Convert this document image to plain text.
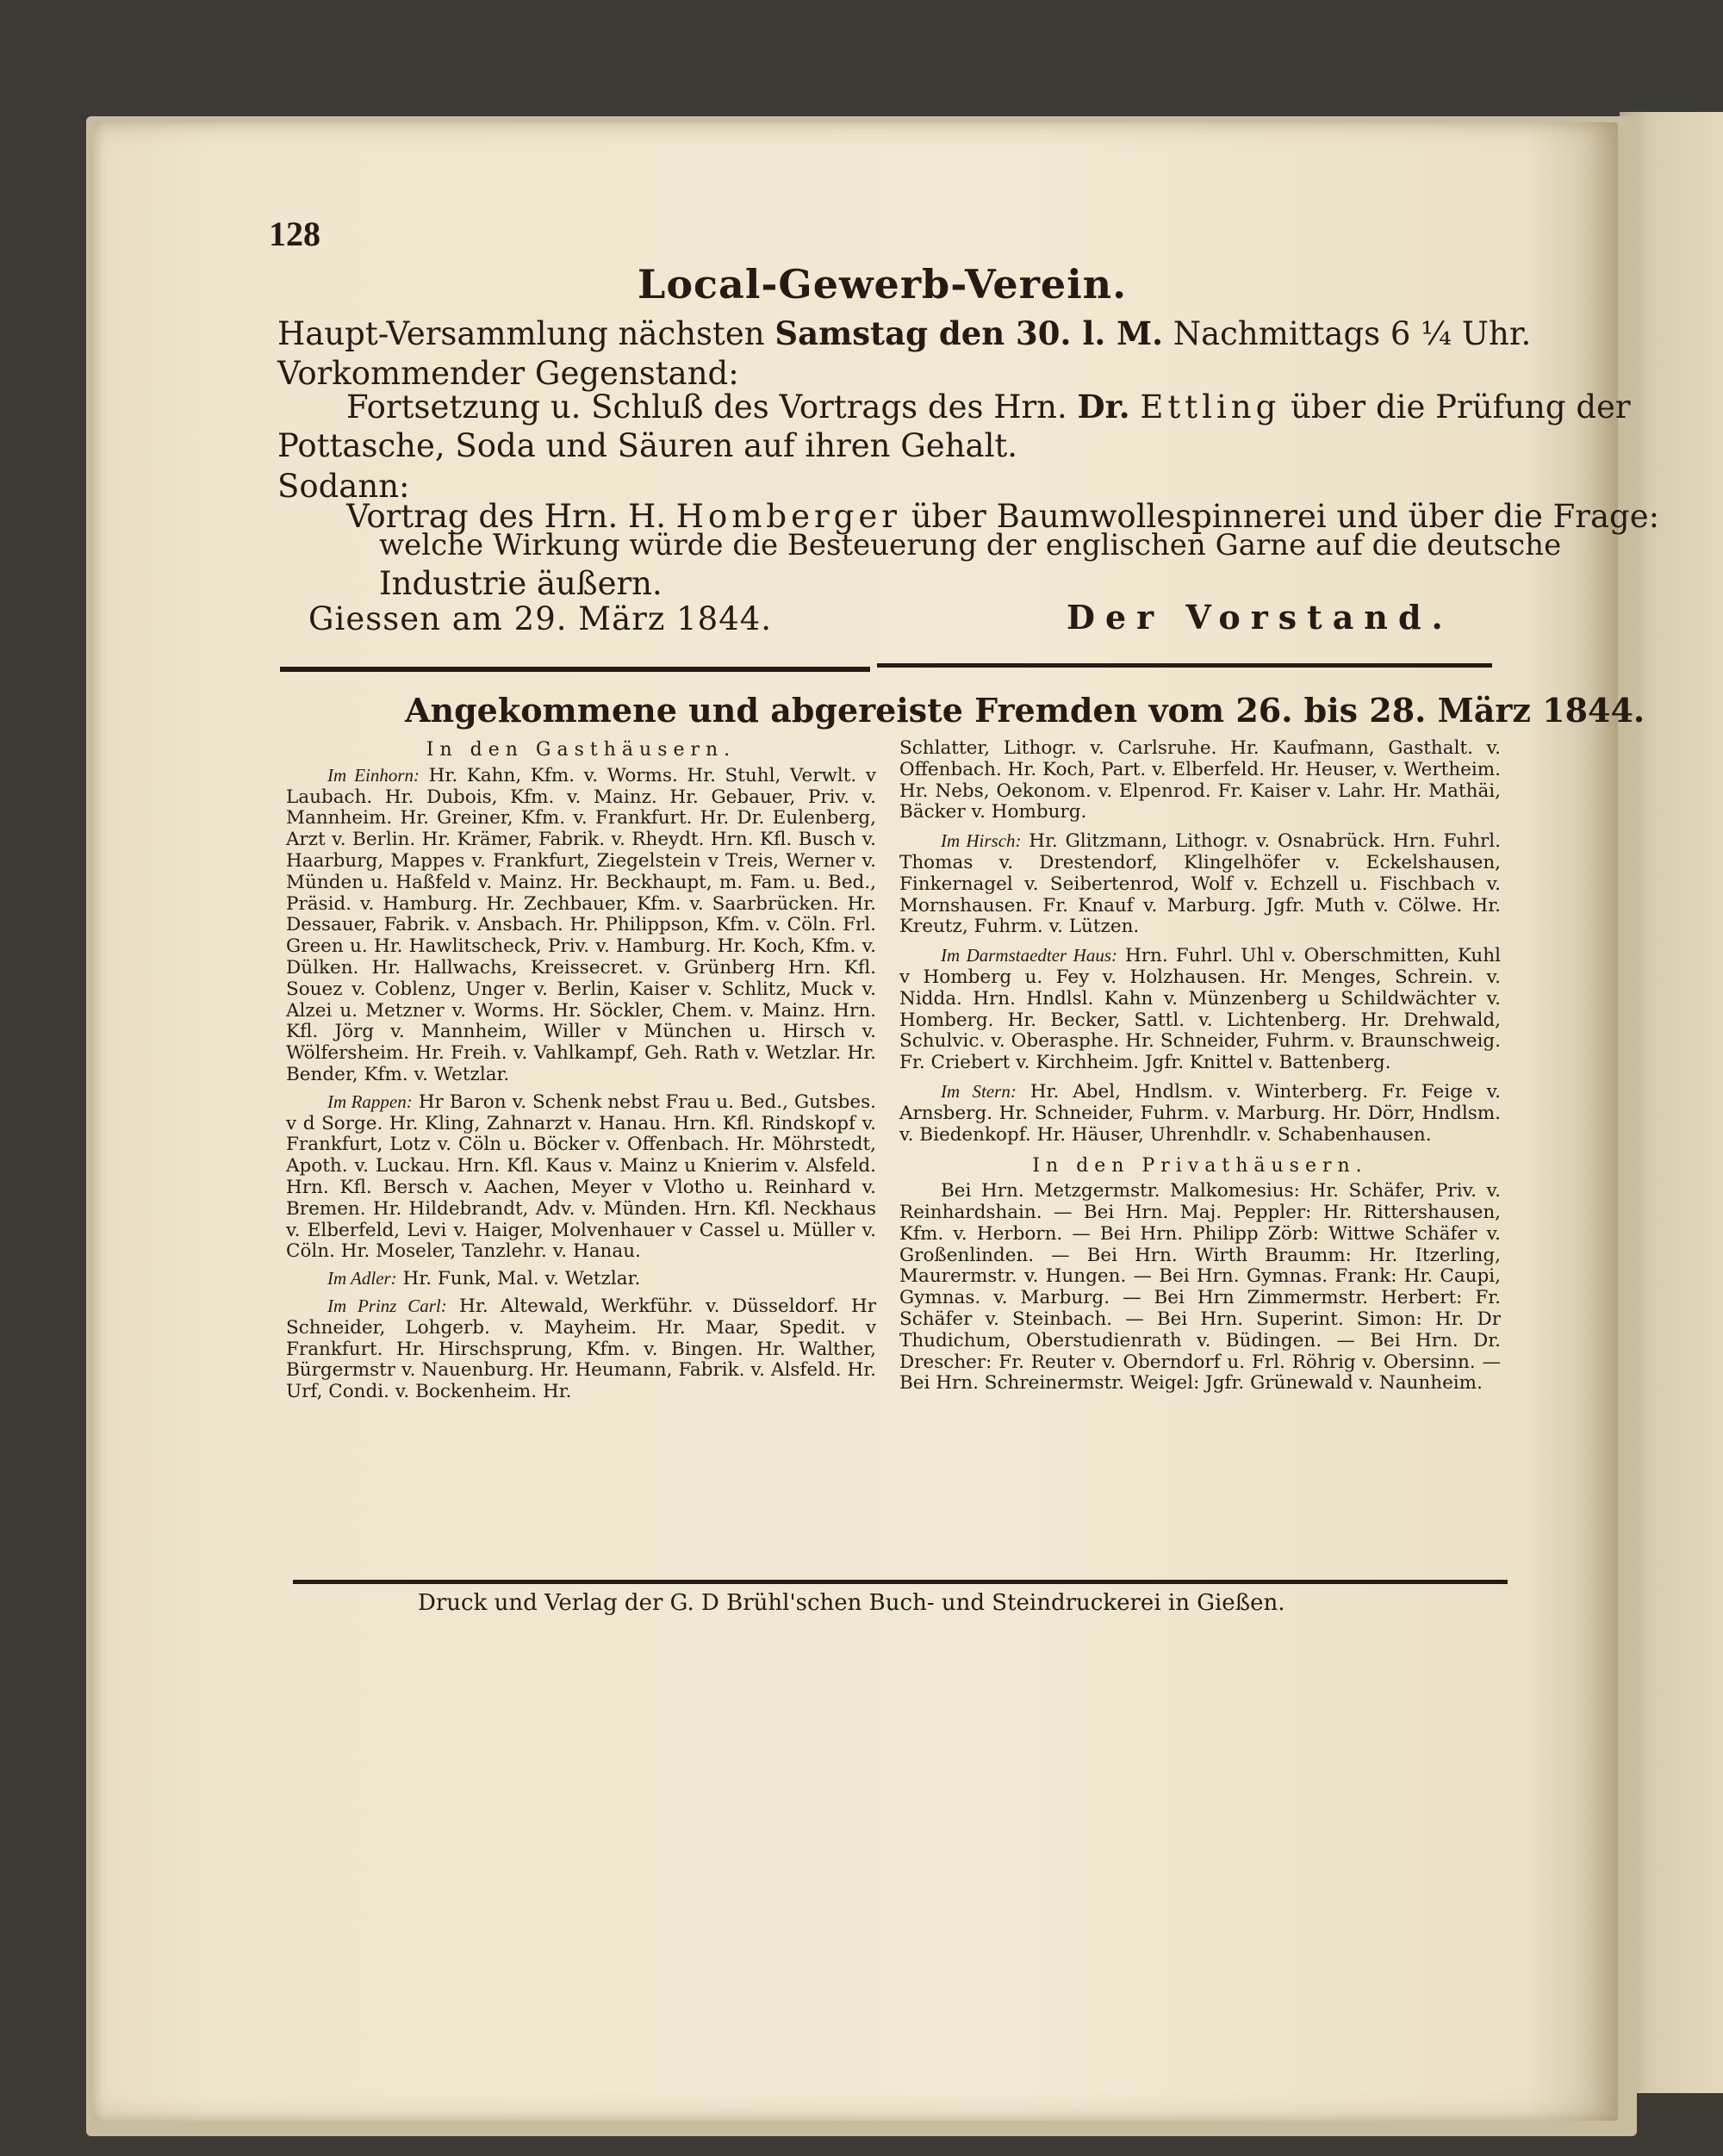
128
Local-Gewerb-Verein.
Haupt-Versammlung nächsten Samstag den 30. l. M. Nachmittags 6 ¼ Uhr.
Vorkommender Gegenstand:
Fortsetzung u. Schluß des Vortrags des Hrn. Dr. Ettling über die Prüfung der
Pottasche, Soda und Säuren auf ihren Gehalt.
Sodann:
Vortrag des Hrn. H. Homberger über Baumwollespinnerei und über die Frage:
welche Wirkung würde die Besteuerung der englischen Garne auf die deutsche
Industrie äußern.
Giessen am 29. März 1844.	Der Vorstand.
Angekommene und abgereiste Fremden vom 26. bis 28. März 1844.

In den Gasthäusern.

Im Einhorn: Hr. Kahn, Kfm. v. Worms. Hr. Stuhl, Verwlt. v Laubach. Hr. Dubois, Kfm. v. Mainz. Hr. Gebauer, Priv. v. Mannheim. Hr. Greiner, Kfm. v. Frankfurt. Hr. Dr. Eulenberg, Arzt v. Berlin. Hr. Krämer, Fabrik. v. Rheydt. Hrn. Kfl. Busch v. Haarburg, Mappes v. Frankfurt, Ziegelstein v Treis, Werner v. Münden u. Haßfeld v. Mainz. Hr. Beckhaupt, m. Fam. u. Bed., Präsid. v. Hamburg. Hr. Zechbauer, Kfm. v. Saarbrücken. Hr. Dessauer, Fabrik. v. Ansbach. Hr. Philippson, Kfm. v. Cöln. Frl. Green u. Hr. Hawlitscheck, Priv. v. Hamburg. Hr. Koch, Kfm. v. Dülken. Hr. Hallwachs, Kreissecret. v. Grünberg Hrn. Kfl. Souez v. Coblenz, Unger v. Berlin, Kaiser v. Schlitz, Muck v. Alzei u. Metzner v. Worms. Hr. Söckler, Chem. v. Mainz. Hrn. Kfl. Jörg v. Mannheim, Willer v München u. Hirsch v. Wölfersheim. Hr. Freih. v. Vahlkampf, Geh. Rath v. Wetzlar. Hr. Bender, Kfm. v. Wetzlar.

Im Rappen: Hr Baron v. Schenk nebst Frau u. Bed., Gutsbes. v d Sorge. Hr. Kling, Zahnarzt v. Hanau. Hrn. Kfl. Rindskopf v. Frankfurt, Lotz v. Cöln u. Böcker v. Offenbach. Hr. Möhrstedt, Apoth. v. Luckau. Hrn. Kfl. Kaus v. Mainz u Knierim v. Alsfeld. Hrn. Kfl. Bersch v. Aachen, Meyer v Vlotho u. Reinhard v. Bremen. Hr. Hildebrandt, Adv. v. Münden. Hrn. Kfl. Neckhaus v. Elberfeld, Levi v. Haiger, Molvenhauer v Cassel u. Müller v. Cöln. Hr. Moseler, Tanzlehr. v. Hanau.

Im Adler: Hr. Funk, Mal. v. Wetzlar.

Im Prinz Carl: Hr. Altewald, Werkführ. v. Düsseldorf. Hr Schneider, Lohgerb. v. Mayheim. Hr. Maar, Spedit. v Frankfurt. Hr. Hirschsprung, Kfm. v. Bingen. Hr. Walther, Bürgermstr v. Nauenburg. Hr. Heumann, Fabrik. v. Alsfeld. Hr. Urf, Condi. v. Bockenheim. Hr.

Schlatter, Lithogr. v. Carlsruhe. Hr. Kaufmann, Gasthalt. v. Offenbach. Hr. Koch, Part. v. Elberfeld. Hr. Heuser, v. Wertheim. Hr. Nebs, Oekonom. v. Elpenrod. Fr. Kaiser v. Lahr. Hr. Mathäi, Bäcker v. Homburg.

Im Hirsch: Hr. Glitzmann, Lithogr. v. Osnabrück. Hrn. Fuhrl. Thomas v. Drestendorf, Klingelhöfer v. Eckelshausen, Finkernagel v. Seibertenrod, Wolf v. Echzell u. Fischbach v. Mornshausen. Fr. Knauf v. Marburg. Jgfr. Muth v. Cölwe. Hr. Kreutz, Fuhrm. v. Lützen.

Im Darmstaedter Haus: Hrn. Fuhrl. Uhl v. Oberschmitten, Kuhl v Homberg u. Fey v. Holzhausen. Hr. Menges, Schrein. v. Nidda. Hrn. Hndlsl. Kahn v. Münzenberg u Schildwächter v. Homberg. Hr. Becker, Sattl. v. Lichtenberg. Hr. Drehwald, Schulvic. v. Oberasphe. Hr. Schneider, Fuhrm. v. Braunschweig. Fr. Criebert v. Kirchheim. Jgfr. Knittel v. Battenberg.

Im Stern: Hr. Abel, Hndlsm. v. Winterberg. Fr. Feige v. Arnsberg. Hr. Schneider, Fuhrm. v. Marburg. Hr. Dörr, Hndlsm. v. Biedenkopf. Hr. Häuser, Uhrenhdlr. v. Schabenhausen.

In den Privathäusern.

Bei Hrn. Metzgermstr. Malkomesius: Hr. Schäfer, Priv. v. Reinhardshain. — Bei Hrn. Maj. Peppler: Hr. Rittershausen, Kfm. v. Herborn. — Bei Hrn. Philipp Zörb: Wittwe Schäfer v. Großenlinden. — Bei Hrn. Wirth Braumm: Hr. Itzerling, Maurermstr. v. Hungen. — Bei Hrn. Gymnas. Frank: Hr. Caupi, Gymnas. v. Marburg. — Bei Hrn Zimmermstr. Herbert: Fr. Schäfer v. Steinbach. — Bei Hrn. Superint. Simon: Hr. Dr Thudichum, Oberstudienrath v. Büdingen. — Bei Hrn. Dr. Drescher: Fr. Reuter v. Oberndorf u. Frl. Röhrig v. Obersinn. — Bei Hrn. Schreinermstr. Weigel: Jgfr. Grünewald v. Naunheim.

Druck und Verlag der G. D Brühl'schen Buch- und Steindruckerei in Gießen.
